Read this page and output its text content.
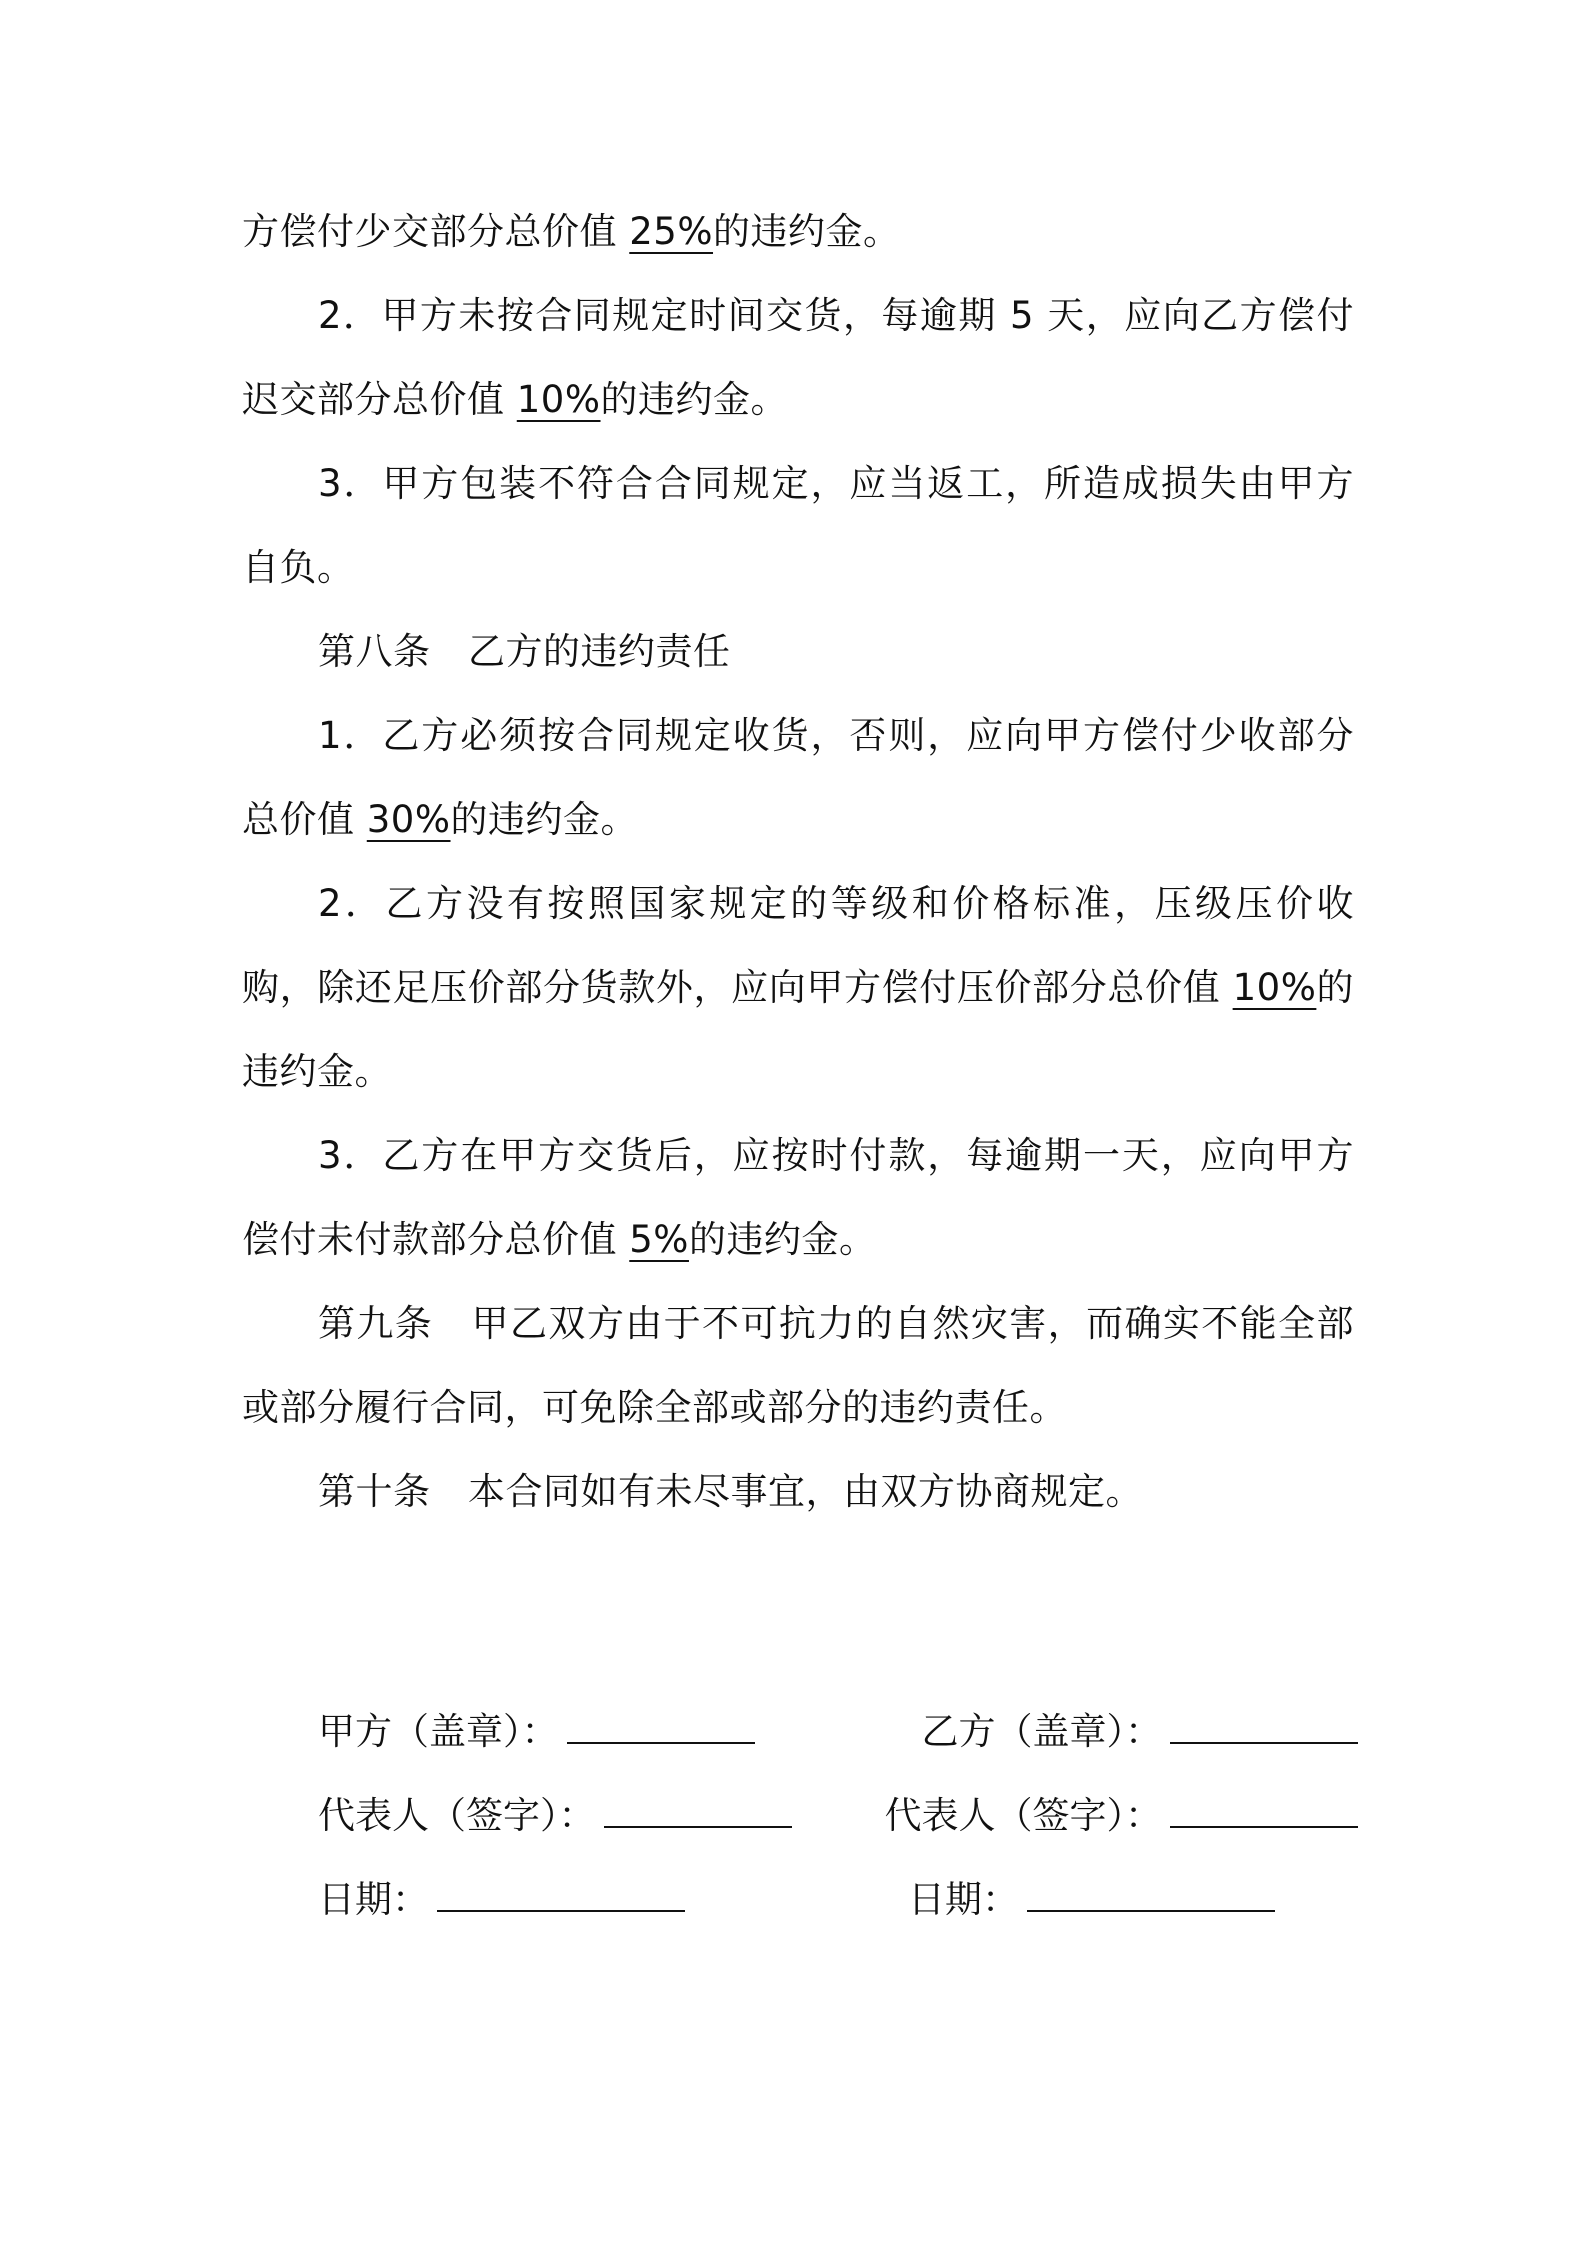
方偿付少交部分总价值 25%的违约金。

2．甲方未按合同规定时间交货，每逾期 5 天，应向乙方偿付迟交部分总价值 10%的违约金。

3．甲方包装不符合合同规定，应当返工，所造成损失由甲方自负。

第八条　乙方的违约责任

1．乙方必须按合同规定收货，否则，应向甲方偿付少收部分总价值 30%的违约金。

2．乙方没有按照国家规定的等级和价格标准，压级压价收购，除还足压价部分货款外，应向甲方偿付压价部分总价值 10%的违约金。

3．乙方在甲方交货后，应按时付款，每逾期一天，应向甲方偿付未付款部分总价值 5%的违约金。

第九条　甲乙双方由于不可抗力的自然灾害，而确实不能全部或部分履行合同，可免除全部或部分的违约责任。

第十条　本合同如有未尽事宜，由双方协商规定。

甲方（盖章）：	乙方（盖章）：
代表人（签字）：	代表人（签字）：
日期：	日期：
